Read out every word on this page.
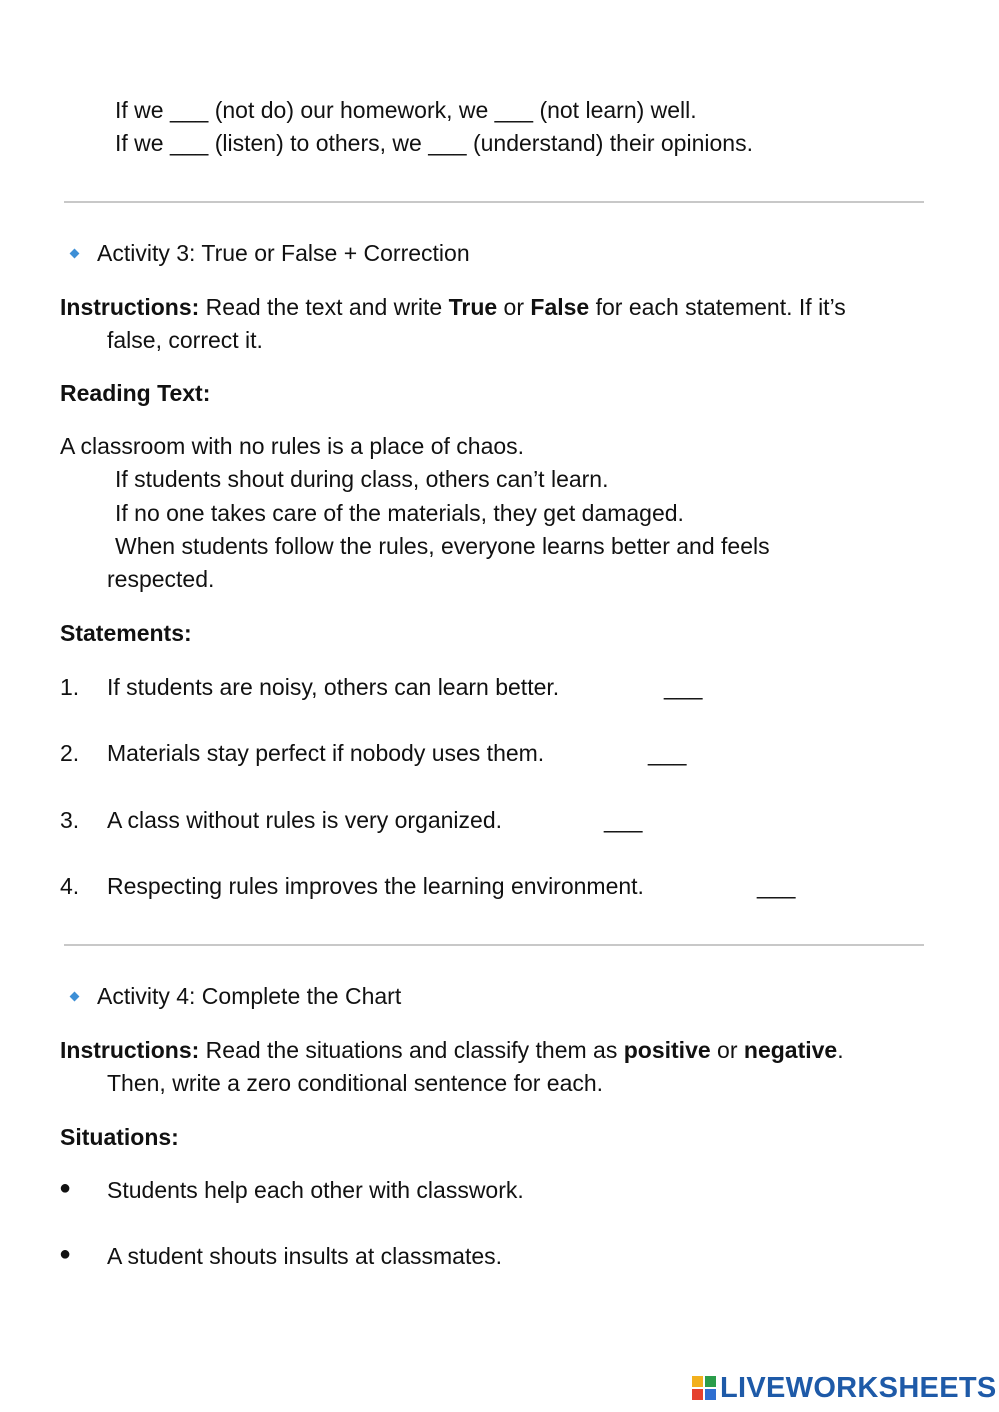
If we ___ (not do) our homework, we ___ (not learn) well.
If we ___ (listen) to others, we ___ (understand) their opinions.
Activity 3: True or False + Correction
Instructions: Read the text and write True or False for each statement. If it’s
false, correct it.
Reading Text:
A classroom with no rules is a place of chaos.
If students shout during class, others can’t learn.
If no one takes care of the materials, they get damaged.
When students follow the rules, everyone learns better and feels
respected.
Statements:
1. If students are noisy, others can learn better.	___
2. Materials stay perfect if nobody uses them.	___
3. A class without rules is very organized.	___
4. Respecting rules improves the learning environment.	___
Activity 4: Complete the Chart
Instructions: Read the situations and classify them as positive or negative.
Then, write a zero conditional sentence for each.
Situations:
● Students help each other with classwork.
● A student shouts insults at classmates.
LIVEWORKSHEETS
